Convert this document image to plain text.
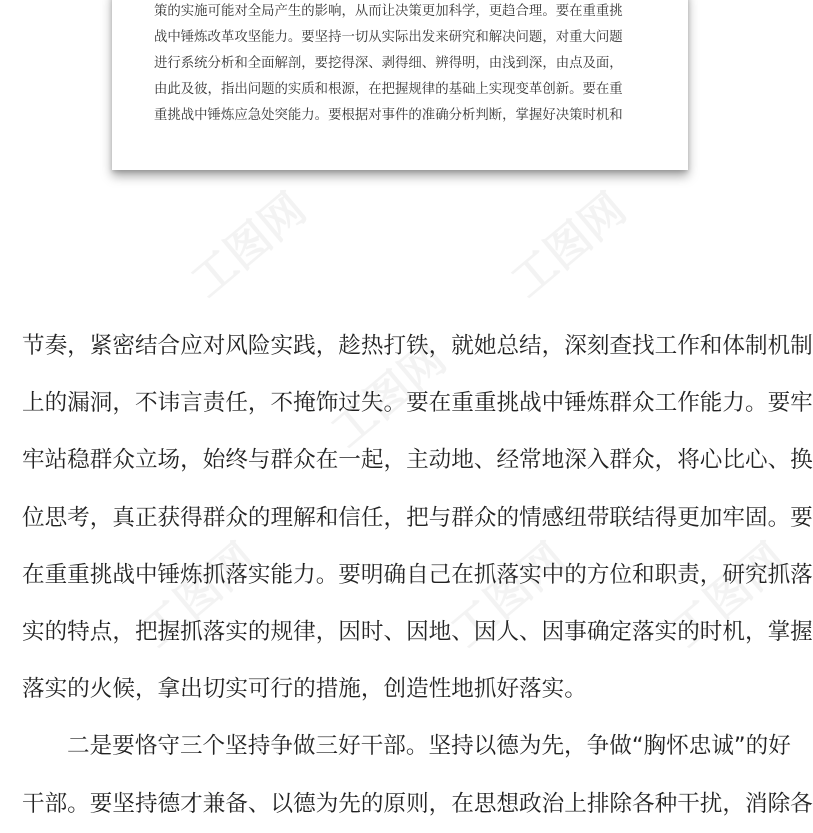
工图网	工图网
工图网
工图网	工图网 工图网
策的实施可能对全局产生的影响，从而让决策更加科学，更趋合理。要在重重挑
战中锤炼改革攻坚能力。要坚持一切从实际出发来研究和解决问题，对重大问题
进行系统分析和全面解剖，要挖得深、剥得细、辨得明，由浅到深，由点及面，
由此及彼，指出问题的实质和根源，在把握规律的基础上实现变革创新。要在重
重挑战中锤炼应急处突能力。要根据对事件的准确分析判断，掌握好决策时机和
节奏，紧密结合应对风险实践，趁热打铁，就她总结，深刻查找工作和体制机制
上的漏洞，不讳言责任，不掩饰过失。要在重重挑战中锤炼群众工作能力。要牢
牢站稳群众立场，始终与群众在一起，主动地、经常地深入群众，将心比心、换
位思考，真正获得群众的理解和信任，把与群众的情感纽带联结得更加牢固。要
在重重挑战中锤炼抓落实能力。要明确自己在抓落实中的方位和职责，研究抓落
实的特点，把握抓落实的规律，因时、因地、因人、因事确定落实的时机，掌握
落实的火候，拿出切实可行的措施，创造性地抓好落实。
二是要恪守三个坚持争做三好干部。坚持以德为先，争做“胸怀忠诚”的好
干部。要坚持德才兼备、以德为先的原则，在思想政治上排除各种干扰，消除各
